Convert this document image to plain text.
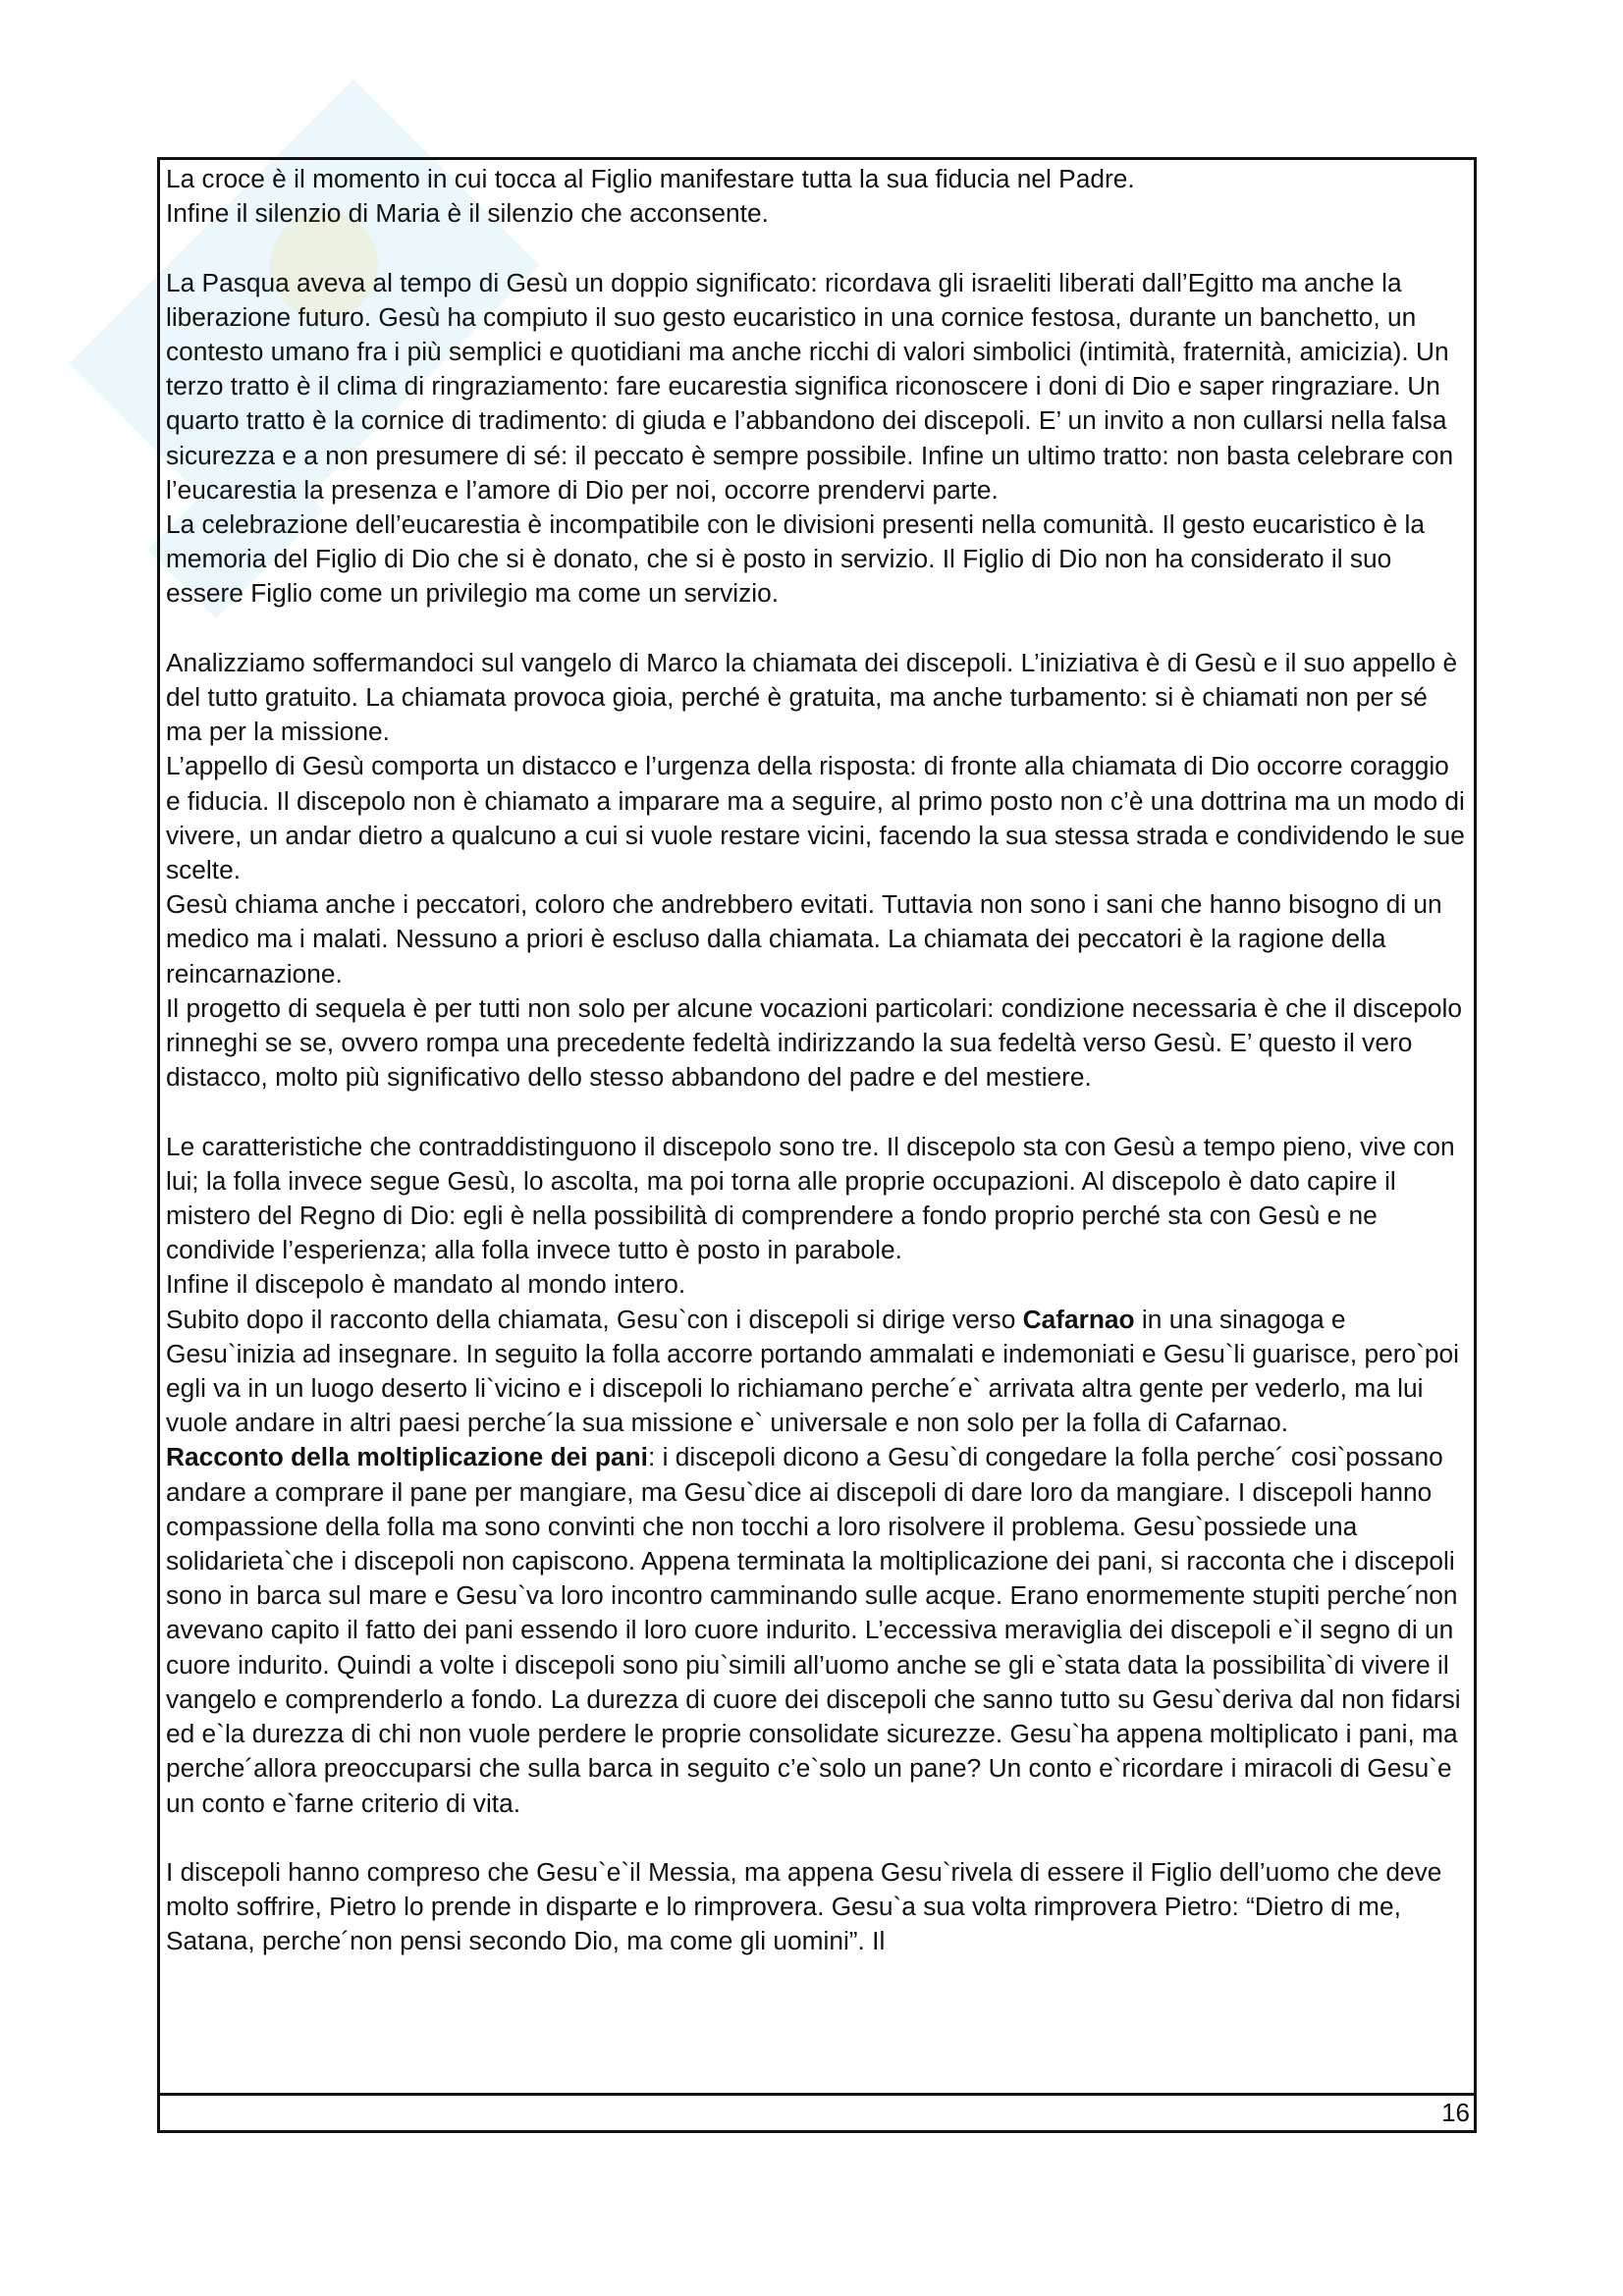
La croce è il momento in cui tocca al Figlio manifestare tutta la sua fiducia nel Padre.

Infine il silenzio di Maria è il silenzio che acconsente.

La Pasqua aveva al tempo di Gesù un doppio significato: ricordava gli israeliti liberati dall’Egitto ma anche la liberazione futuro. Gesù ha compiuto il suo gesto eucaristico in una cornice festosa, durante un banchetto, un contesto umano fra i più semplici e quotidiani ma anche ricchi di valori simbolici (intimità, fraternità, amicizia). Un terzo tratto è il clima di ringraziamento: fare eucarestia significa riconoscere i doni di Dio e saper ringraziare. Un quarto tratto è la cornice di tradimento: di giuda e l’abbandono dei discepoli. E’ un invito a non cullarsi nella falsa sicurezza e a non presumere di sé: il peccato è sempre possibile. Infine un ultimo tratto: non basta celebrare con l’eucarestia la presenza e l’amore di Dio per noi, occorre prendervi parte.

La celebrazione dell’eucarestia è incompatibile con le divisioni presenti nella comunità. Il gesto eucaristico è la memoria del Figlio di Dio che si è donato, che si è posto in servizio. Il Figlio di Dio non ha considerato il suo essere Figlio come un privilegio ma come un servizio.

Analizziamo soffermandoci sul vangelo di Marco la chiamata dei discepoli. L’iniziativa è di Gesù e il suo appello è del tutto gratuito. La chiamata provoca gioia, perché è gratuita, ma anche turbamento: si è chiamati non per sé ma per la missione.

L’appello di Gesù comporta un distacco e l’urgenza della risposta: di fronte alla chiamata di Dio occorre coraggio e fiducia. Il discepolo non è chiamato a imparare ma a seguire, al primo posto non c’è una dottrina ma un modo di vivere, un andar dietro a qualcuno a cui si vuole restare vicini, facendo la sua stessa strada e condividendo le sue scelte.

Gesù chiama anche i peccatori, coloro che andrebbero evitati. Tuttavia non sono i sani che hanno bisogno di un medico ma i malati. Nessuno a priori è escluso dalla chiamata. La chiamata dei peccatori è la ragione della reincarnazione.

Il progetto di sequela è per tutti non solo per alcune vocazioni particolari: condizione necessaria è che il discepolo rinneghi se se, ovvero rompa una precedente fedeltà indirizzando la sua fedeltà verso Gesù. E’ questo il vero distacco, molto più significativo dello stesso abbandono del padre e del mestiere.

Le caratteristiche che contraddistinguono il discepolo sono tre. Il discepolo sta con Gesù a tempo pieno, vive con lui; la folla invece segue Gesù, lo ascolta, ma poi torna alle proprie occupazioni. Al discepolo è dato capire il mistero del Regno di Dio: egli è nella possibilità di comprendere a fondo proprio perché sta con Gesù e ne condivide l’esperienza; alla folla invece tutto è posto in parabole.

Infine il discepolo è mandato al mondo intero.

Subito dopo il racconto della chiamata, Gesu`con i discepoli si dirige verso Cafarnao in una sinagoga e Gesu`inizia ad insegnare. In seguito la folla accorre portando ammalati e indemoniati e Gesu`li guarisce, pero`poi egli va in un luogo deserto li`vicino e i discepoli lo richiamano perche´e` arrivata altra gente per vederlo, ma lui vuole andare in altri paesi perche´la sua missione e` universale e non solo per la folla di Cafarnao.

Racconto della moltiplicazione dei pani: i discepoli dicono a Gesu`di congedare la folla perche´ cosi`possano andare a comprare il pane per mangiare, ma Gesu`dice ai discepoli di dare loro da mangiare. I discepoli hanno compassione della folla ma sono convinti che non tocchi a loro risolvere il problema. Gesu`possiede una solidarieta`che i discepoli non capiscono. Appena terminata la moltiplicazione dei pani, si racconta che i discepoli sono in barca sul mare e Gesu`va loro incontro camminando sulle acque. Erano enormemente stupiti perche´non avevano capito il fatto dei pani essendo il loro cuore indurito. L’eccessiva meraviglia dei discepoli e`il segno di un cuore indurito. Quindi a volte i discepoli sono piu`simili all’uomo anche se gli e`stata data la possibilita`di vivere il vangelo e comprenderlo a fondo. La durezza di cuore dei discepoli che sanno tutto su Gesu`deriva dal non fidarsi ed e`la durezza di chi non vuole perdere le proprie consolidate sicurezze. Gesu`ha appena moltiplicato i pani, ma perche´allora preoccuparsi che sulla barca in seguito c’e`solo un pane? Un conto e`ricordare i miracoli di Gesu`e un conto e`farne criterio di vita.

I discepoli hanno compreso che Gesu`e`il Messia, ma appena Gesu`rivela di essere il Figlio dell’uomo che deve molto soffrire, Pietro lo prende in disparte e lo rimprovera. Gesu`a sua volta rimprovera Pietro: “Dietro di me, Satana, perche´non pensi secondo Dio, ma come gli uomini”. Il

16
